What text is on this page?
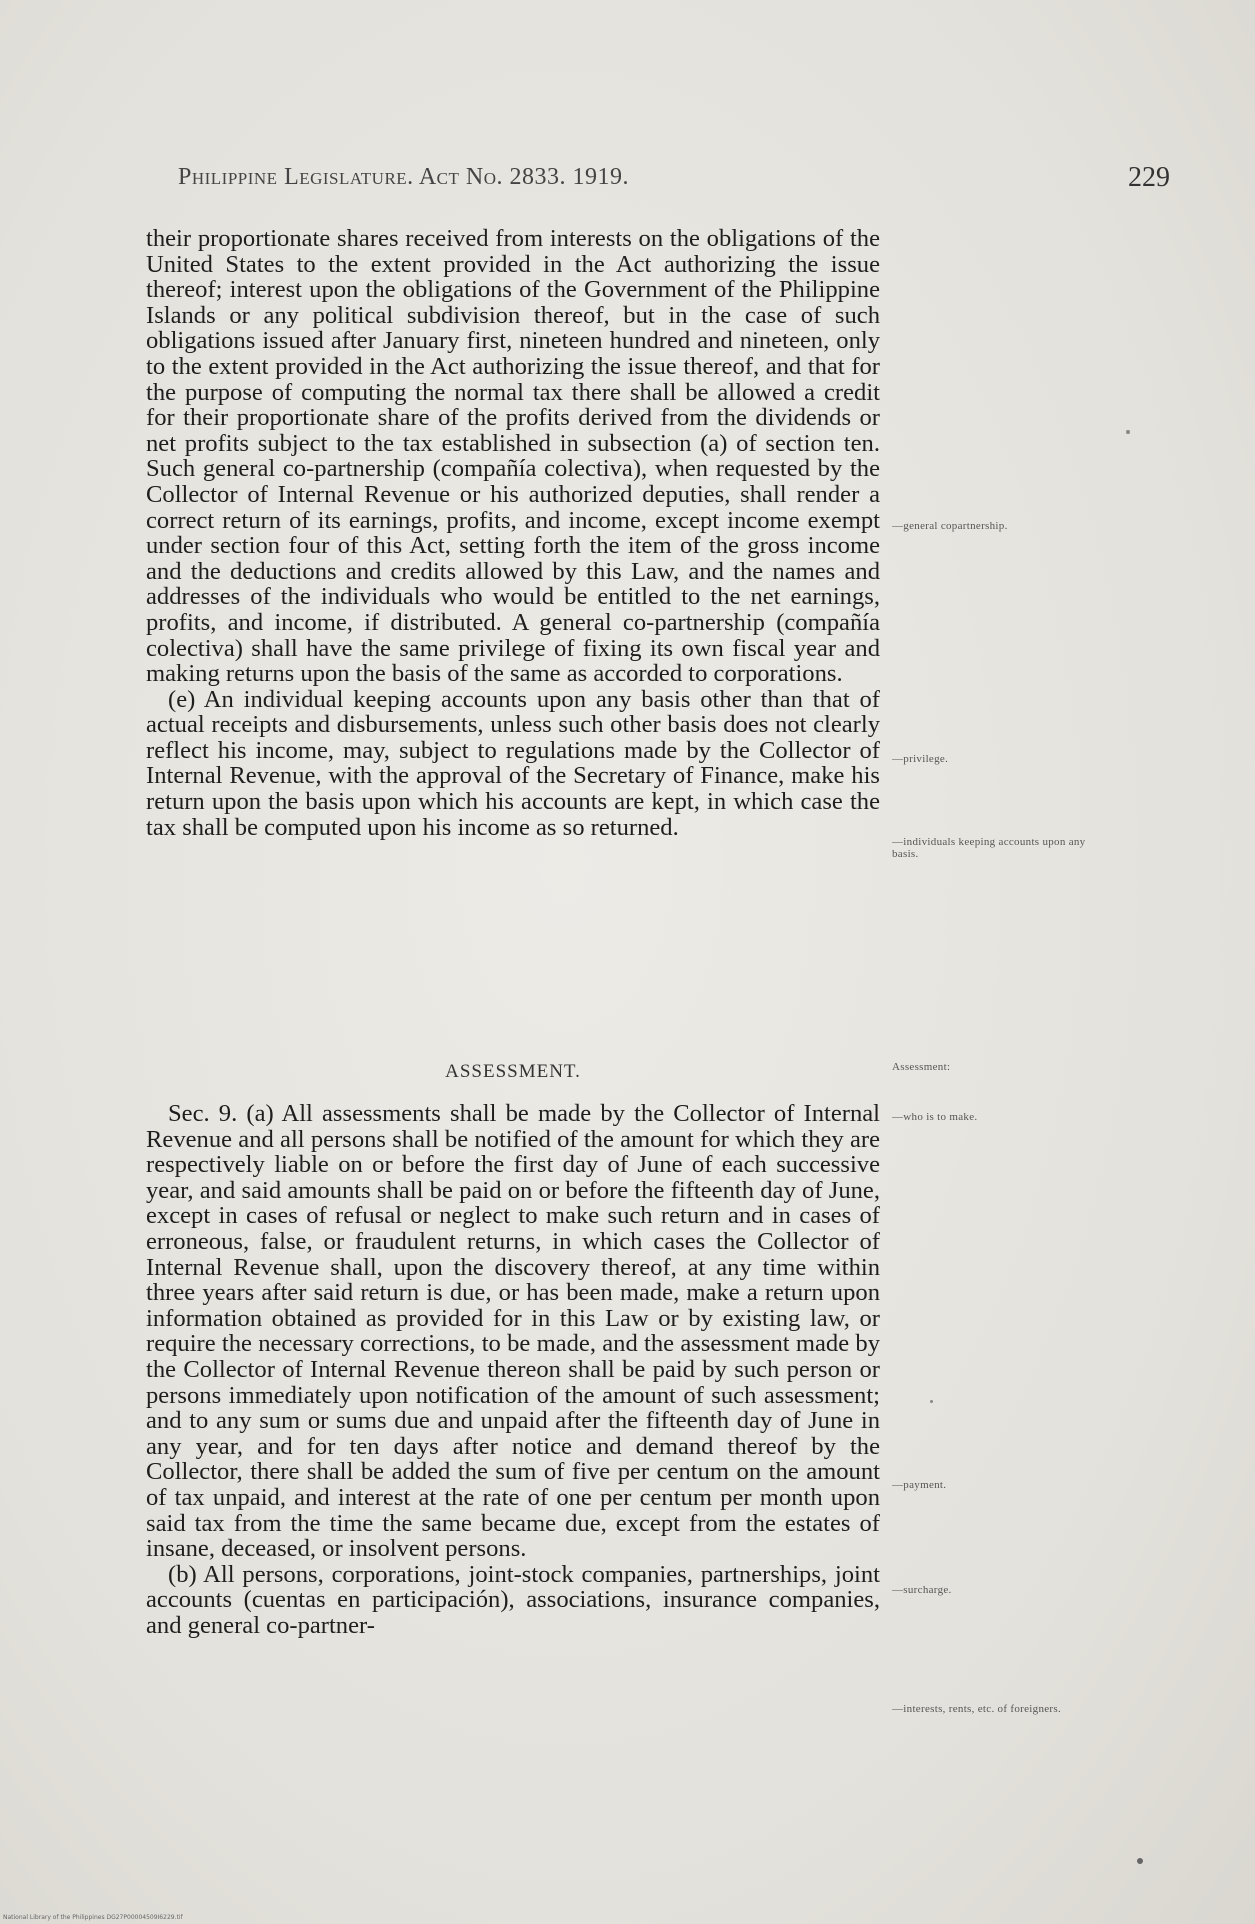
Philippine Legislature. Act No. 2833. 1919.	229

their proportionate shares received from interests on the obligations of the United States to the extent provided in the Act authorizing the issue thereof; interest upon the obligations of the Government of the Philippine Islands or any political subdivision thereof, but in the case of such obligations issued after January first, nineteen hundred and nineteen, only to the extent provided in the Act authorizing the issue thereof, and that for the purpose of computing the normal tax there shall be allowed a credit for their proportionate share of the profits derived from the dividends or net profits subject to the tax established in subsection (a) of section ten. Such general co-partnership (compañía colectiva), when requested by the Collector of Internal Revenue or his authorized deputies, shall render a correct return of its earnings, profits, and income, except income exempt under section four of this Act, setting forth the item of the gross income and the deductions and credits allowed by this Law, and the names and addresses of the individuals who would be entitled to the net earnings, profits, and income, if distributed. A general co-partnership (compañía colectiva) shall have the same privilege of fixing its own fiscal year and making returns upon the basis of the same as accorded to corporations.

(e) An individual keeping accounts upon any basis other than that of actual receipts and disbursements, unless such other basis does not clearly reflect his income, may, subject to regulations made by the Collector of Internal Revenue, with the approval of the Secretary of Finance, make his return upon the basis upon which his accounts are kept, in which case the tax shall be computed upon his income as so returned.

ASSESSMENT.

Sec. 9. (a) All assessments shall be made by the Collector of Internal Revenue and all persons shall be notified of the amount for which they are respectively liable on or before the first day of June of each successive year, and said amounts shall be paid on or before the fifteenth day of June, except in cases of refusal or neglect to make such return and in cases of erroneous, false, or fraudulent returns, in which cases the Collector of Internal Revenue shall, upon the discovery thereof, at any time within three years after said return is due, or has been made, make a return upon information obtained as provided for in this Law or by existing law, or require the necessary corrections, to be made, and the assessment made by the Collector of Internal Revenue thereon shall be paid by such person or persons immediately upon notification of the amount of such assessment; and to any sum or sums due and unpaid after the fifteenth day of June in any year, and for ten days after notice and demand thereof by the Collector, there shall be added the sum of five per centum on the amount of tax unpaid, and interest at the rate of one per centum per month upon said tax from the time the same became due, except from the estates of insane, deceased, or insolvent persons.

(b) All persons, corporations, joint-stock companies, partnerships, joint accounts (cuentas en participación), associations, insurance companies, and general co-partner-

—general copartnership.
—privilege.
—individuals keeping accounts upon any basis.
Assessment:
—who is to make.
—payment.
—surcharge.
—interests, rents, etc. of foreigners.
National Library of the Philippines DG27P00004509I6229.tif
